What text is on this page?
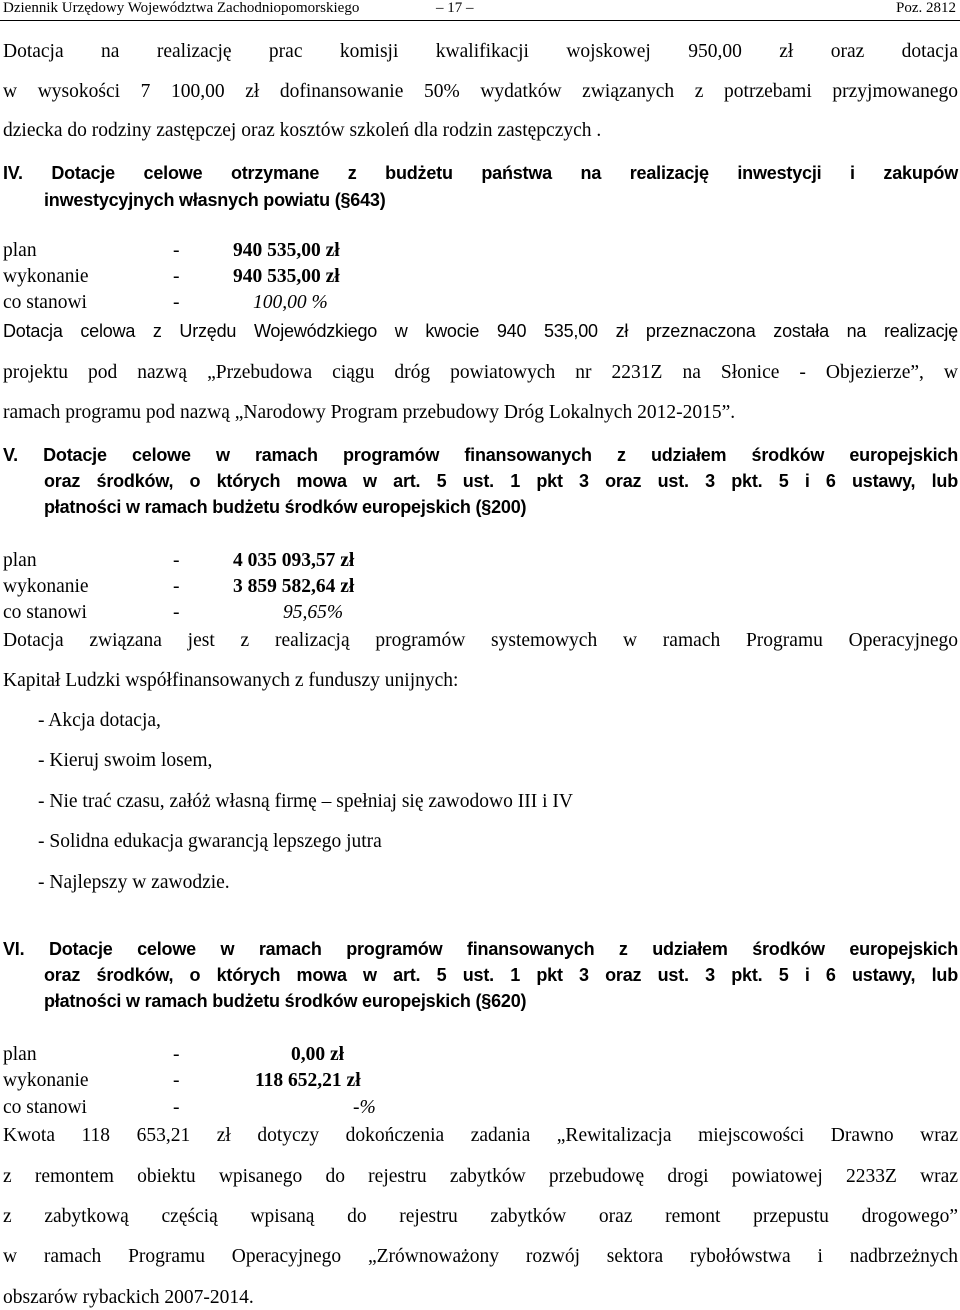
Dziennik Urzędowy Województwa Zachodniopomorskiego	– 17 –	Poz. 2812
Dotacja na realizację prac komisji kwalifikacji wojskowej 950,00 zł oraz dotacja
w wysokości 7 100,00 zł dofinansowanie 50% wydatków związanych z potrzebami przyjmowanego
dziecka do rodziny zastępczej oraz kosztów szkoleń dla rodzin zastępczych .
IV. Dotacje celowe otrzymane z budżetu państwa na realizację inwestycji i zakupów
inwestycyjnych własnych powiatu (§643)
plan	-	940 535,00 zł
wykonanie	-	940 535,00 zł
co stanowi	-	100,00 %
Dotacja celowa z Urzędu Wojewódzkiego w kwocie 940 535,00 zł przeznaczona została na realizację
projektu pod nazwą „Przebudowa ciągu dróg powiatowych nr 2231Z na Słonice - Objezierze”, w
ramach programu pod nazwą „Narodowy Program przebudowy Dróg Lokalnych 2012-2015”.
V. Dotacje celowe w ramach programów finansowanych z udziałem środków europejskich
oraz środków, o których mowa w art. 5 ust. 1 pkt 3 oraz ust. 3 pkt. 5 i 6 ustawy, lub
płatności w ramach budżetu środków europejskich (§200)
plan	-	4 035 093,57 zł
wykonanie	-	3 859 582,64 zł
co stanowi	-	95,65%
Dotacja związana jest z realizacją programów systemowych w ramach Programu Operacyjnego
Kapitał Ludzki współfinansowanych z funduszy unijnych:
- Akcja dotacja,
- Kieruj swoim losem,
- Nie trać czasu, załóż własną firmę – spełniaj się zawodowo III i IV
- Solidna edukacja gwarancją lepszego jutra
- Najlepszy w zawodzie.
VI. Dotacje celowe w ramach programów finansowanych z udziałem środków europejskich
oraz środków, o których mowa w art. 5 ust. 1 pkt 3 oraz ust. 3 pkt. 5 i 6 ustawy, lub
płatności w ramach budżetu środków europejskich (§620)
plan	-	0,00 zł
wykonanie	-	118 652,21 zł
co stanowi	-	-%
Kwota 118 653,21 zł dotyczy dokończenia zadania „Rewitalizacja miejscowości Drawno wraz
z remontem obiektu wpisanego do rejestru zabytków przebudowę drogi powiatowej 2233Z wraz
z zabytkową częścią wpisaną do rejestru zabytków oraz remont przepustu drogowego”
w ramach Programu Operacyjnego „Zrównoważony rozwój sektora rybołówstwa i nadbrzeżnych
obszarów rybackich 2007-2014.
